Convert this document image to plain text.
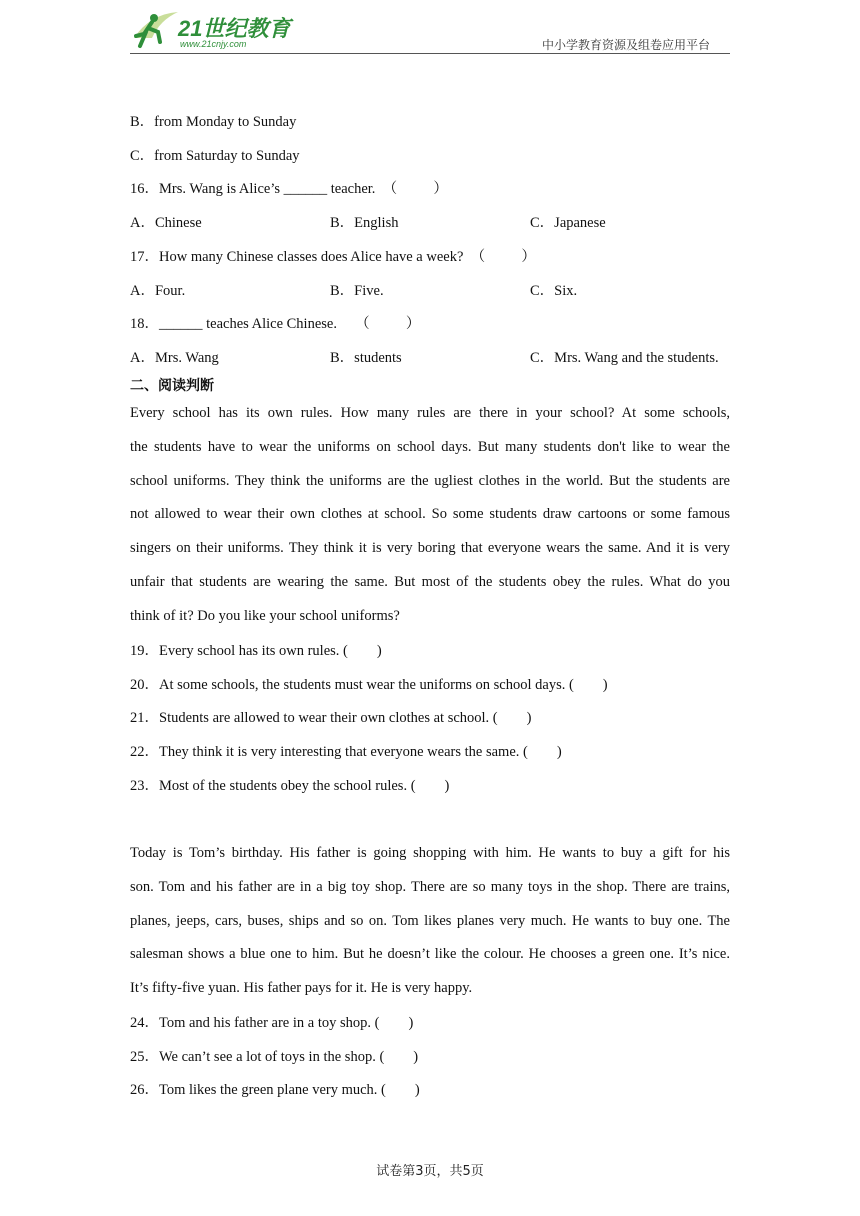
21世纪教育
www.21cnjy.com	中小学教育资源及组卷应用平台
B．from Monday to Sunday
C．from Saturday to Sunday
16．Mrs. Wang is Alice’s ______ teacher.  （          ）
A．Chinese	B．English	C．Japanese
17．How many Chinese classes does Alice have a week?  （          ）
A．Four.	B．Five.	C．Six.
18．______ teaches Alice Chinese.     （          ）
A．Mrs. Wang	B．students	C．Mrs. Wang and the students.
二、阅读判断
Every school has its own rules. How many rules are there in your school? At some schools,
the students have to wear the uniforms on school days. But many students don't like to wear the
school uniforms. They think the uniforms are the ugliest clothes in the world. But the students are
not allowed to wear their own clothes at school. So some students draw cartoons or some famous
singers on their uniforms. They think it is very boring that everyone wears the same. And it is very
unfair that students are wearing the same. But most of the students obey the rules. What do you
think of it? Do you like your school uniforms?
19．Every school has its own rules. (        )
20．At some schools, the students must wear the uniforms on school days. (        )
21．Students are allowed to wear their own clothes at school. (        )
22．They think it is very interesting that everyone wears the same. (        )
23．Most of the students obey the school rules. (        )
Today is Tom’s birthday. His father is going shopping with him. He wants to buy a gift for his
son. Tom and his father are in a big toy shop. There are so many toys in the shop. There are trains,
planes, jeeps, cars, buses, ships and so on. Tom likes planes very much. He wants to buy one. The
salesman shows a blue one to him. But he doesn’t like the colour. He chooses a green one. It’s nice.
It’s fifty-five yuan. His father pays for it. He is very happy.
24．Tom and his father are in a toy shop. (        )
25．We can’t see a lot of toys in the shop. (        )
26．Tom likes the green plane very much. (        )
试卷第3页，共5页
